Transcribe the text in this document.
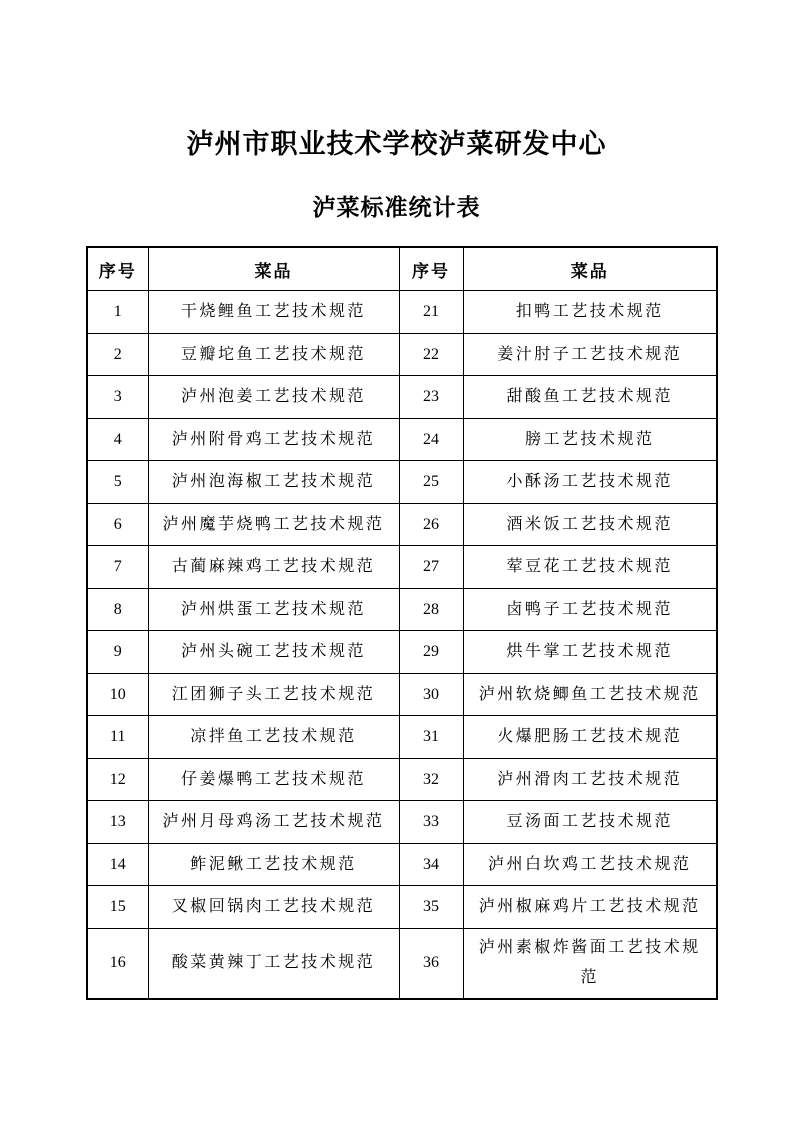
泸州市职业技术学校泸菜研发中心
泸菜标准统计表
序号	菜品	序号	菜品
1	干烧鲤鱼工艺技术规范	21	扣鸭工艺技术规范
2	豆瓣坨鱼工艺技术规范	22	姜汁肘子工艺技术规范
3	泸州泡姜工艺技术规范	23	甜酸鱼工艺技术规范
4	泸州附骨鸡工艺技术规范	24	膀工艺技术规范
5	泸州泡海椒工艺技术规范	25	小酥汤工艺技术规范
6	泸州魔芋烧鸭工艺技术规范	26	酒米饭工艺技术规范
7	古蔺麻辣鸡工艺技术规范	27	荤豆花工艺技术规范
8	泸州烘蛋工艺技术规范	28	卤鸭子工艺技术规范
9	泸州头碗工艺技术规范	29	烘牛掌工艺技术规范
10	江团狮子头工艺技术规范	30	泸州软烧鲫鱼工艺技术规范
11	凉拌鱼工艺技术规范	31	火爆肥肠工艺技术规范
12	仔姜爆鸭工艺技术规范	32	泸州滑肉工艺技术规范
13	泸州月母鸡汤工艺技术规范	33	豆汤面工艺技术规范
14	鲊泥鳅工艺技术规范	34	泸州白坎鸡工艺技术规范
15	叉椒回锅肉工艺技术规范	35	泸州椒麻鸡片工艺技术规范
16	酸菜黄辣丁工艺技术规范	36	泸州素椒炸酱面工艺技术规范
